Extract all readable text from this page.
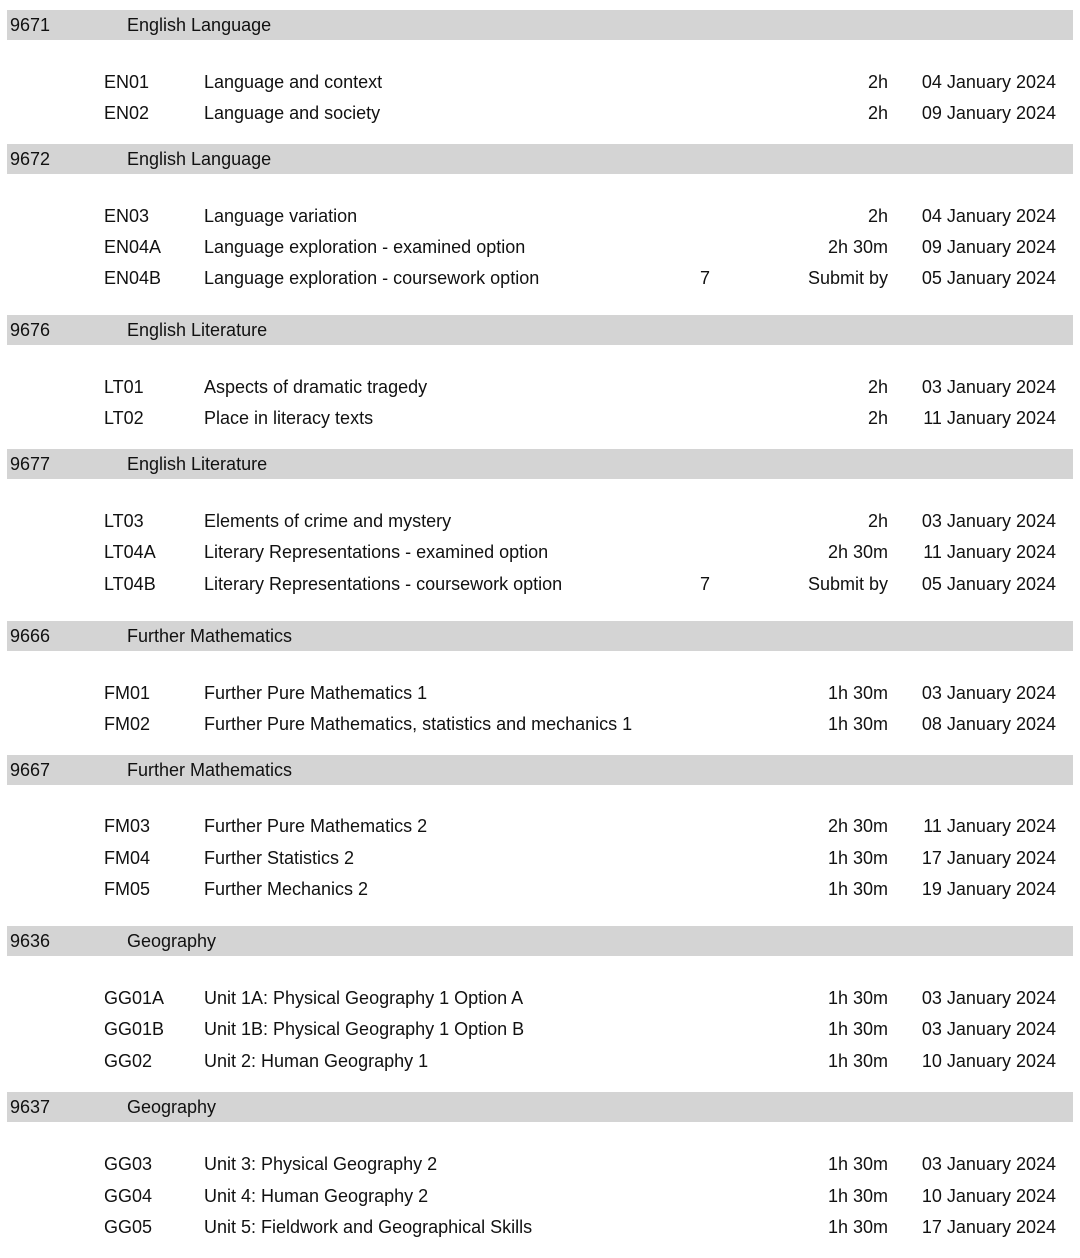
9671	English Language
EN01	Language and context	2h 04 January 2024
EN02	Language and society	2h 09 January 2024
9672	English Language
EN03	Language variation	2h 04 January 2024
EN04A Language exploration - examined option	2h 30m 09 January 2024
EN04B Language exploration - coursework option	7	Submit by 05 January 2024
9676	English Literature
LT01	Aspects of dramatic tragedy	2h 03 January 2024
LT02	Place in literacy texts	2h 11 January 2024
9677	English Literature
LT03	Elements of crime and mystery	2h 03 January 2024
LT04A	Literary Representations - examined option	2h 30m 11 January 2024
LT04B	Literary Representations - coursework option	7	Submit by 05 January 2024
9666	Further Mathematics
FM01	Further Pure Mathematics 1	1h 30m 03 January 2024
FM02	Further Pure Mathematics, statistics and mechanics 1	1h 30m 08 January 2024
9667	Further Mathematics
FM03	Further Pure Mathematics 2	2h 30m 11 January 2024
FM04	Further Statistics 2	1h 30m 17 January 2024
FM05	Further Mechanics 2	1h 30m 19 January 2024
9636	Geography
GG01A Unit 1A: Physical Geography 1 Option A	1h 30m 03 January 2024
GG01B Unit 1B: Physical Geography 1 Option B	1h 30m 03 January 2024
GG02	Unit 2: Human Geography 1	1h 30m 10 January 2024
9637	Geography
GG03	Unit 3: Physical Geography 2	1h 30m 03 January 2024
GG04	Unit 4: Human Geography 2	1h 30m 10 January 2024
GG05	Unit 5: Fieldwork and Geographical Skills	1h 30m 17 January 2024
